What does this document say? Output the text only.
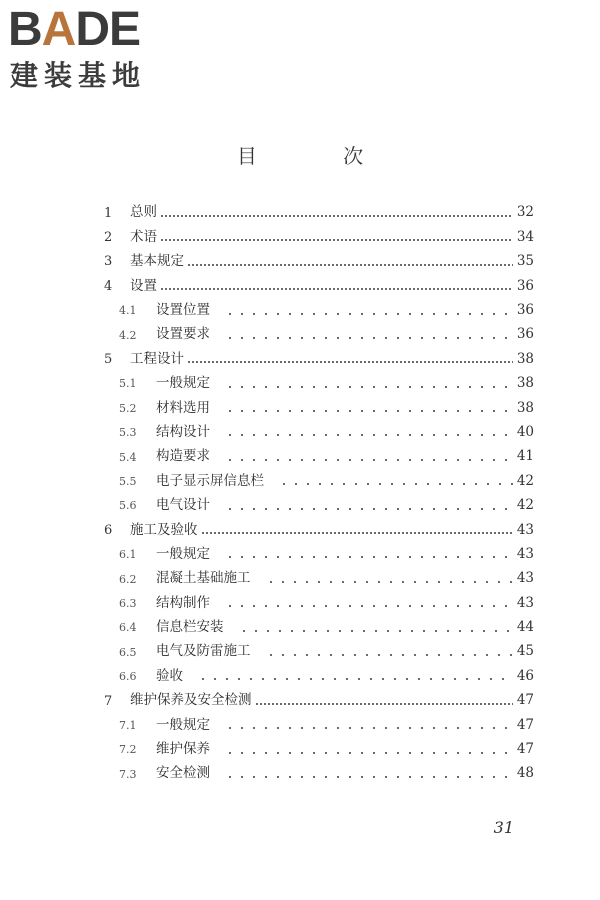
BADE
建装基地
目 次
1	总则	32
2	术语	34
3	基本规定	35
4	设置	36
4.1	设置位置	36
4.2	设置要求	36
5	工程设计	38
5.1	一般规定	38
5.2	材料选用	38
5.3	结构设计	40
5.4	构造要求	41
5.5	电子显示屏信息栏	42
5.6	电气设计	42
6	施工及验收	43
6.1	一般规定	43
6.2	混凝土基础施工	43
6.3	结构制作	43
6.4	信息栏安装	44
6.5	电气及防雷施工	45
6.6	验收	46
7	维护保养及安全检测	47
7.1	一般规定	47
7.2	维护保养	47
7.3	安全检测	48
31
